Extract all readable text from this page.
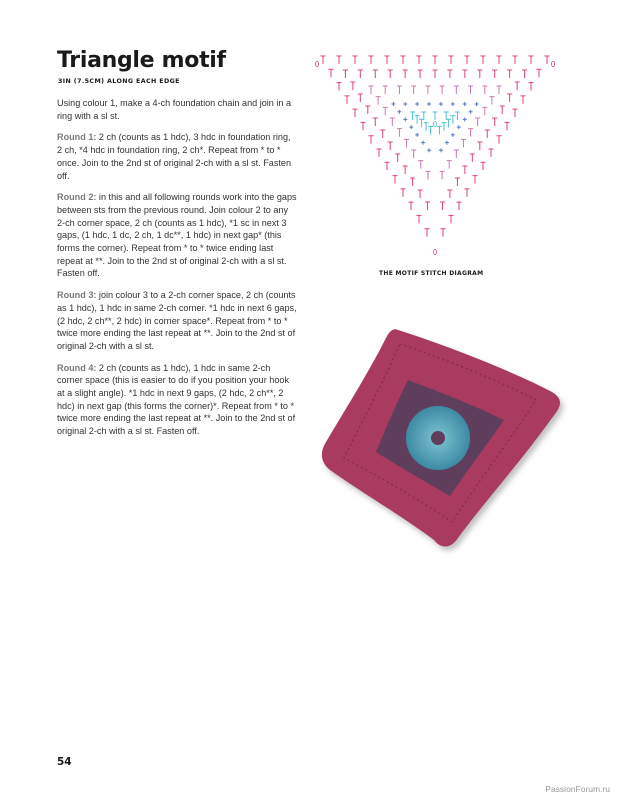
Triangle motif
3IN (7.5CM) ALONG EACH EDGE

Using colour 1, make a 4-ch foundation chain and join in a ring with a sl st.

Round 1: 2 ch (counts as 1 hdc), 3 hdc in foundation ring, 2 ch, *4 hdc in foundation ring, 2 ch*. Repeat from * to * once. Join to the 2nd st of original 2-ch with a sl st. Fasten off.

Round 2: in this and all following rounds work into the gaps between sts from the previous round. Join colour 2 to any 2-ch corner space, 2 ch (counts as 1 hdc), *1 sc in next 3 gaps, (1 hdc, 1 dc, 2 ch, 1 dc**, 1 hdc) in next gap* (this forms the corner). Repeat from * to * twice ending last repeat at **. Join to the 2nd st of original 2-ch with a sl st. Fasten off.

Round 3: join colour 3 to a 2-ch corner space, 2 ch (counts as 1 hdc), 1 hdc in same 2-ch corner. *1 hdc in next 6 gaps, (2 hdc, 2 ch**, 2 hdc) in corner space*. Repeat from * to * twice more ending the last repeat at **. Join to the 2nd st of original 2-ch with a sl st.

Round 4: 2 ch (counts as 1 hdc), 1 hdc in same 2-ch corner space (this is easier to do if you position your hook at a slight angle). *1 hdc in next 9 gaps, (2 hdc, 2 ch**, 2 hdc) in next gap (this forms the corner)*. Repeat from * to * twice more ending the last repeat at **. Join to the 2nd st of original 2-ch with a sl st. Fasten off.

THE MOTIF STITCH DIAGRAM
54
PassionForum.ru
